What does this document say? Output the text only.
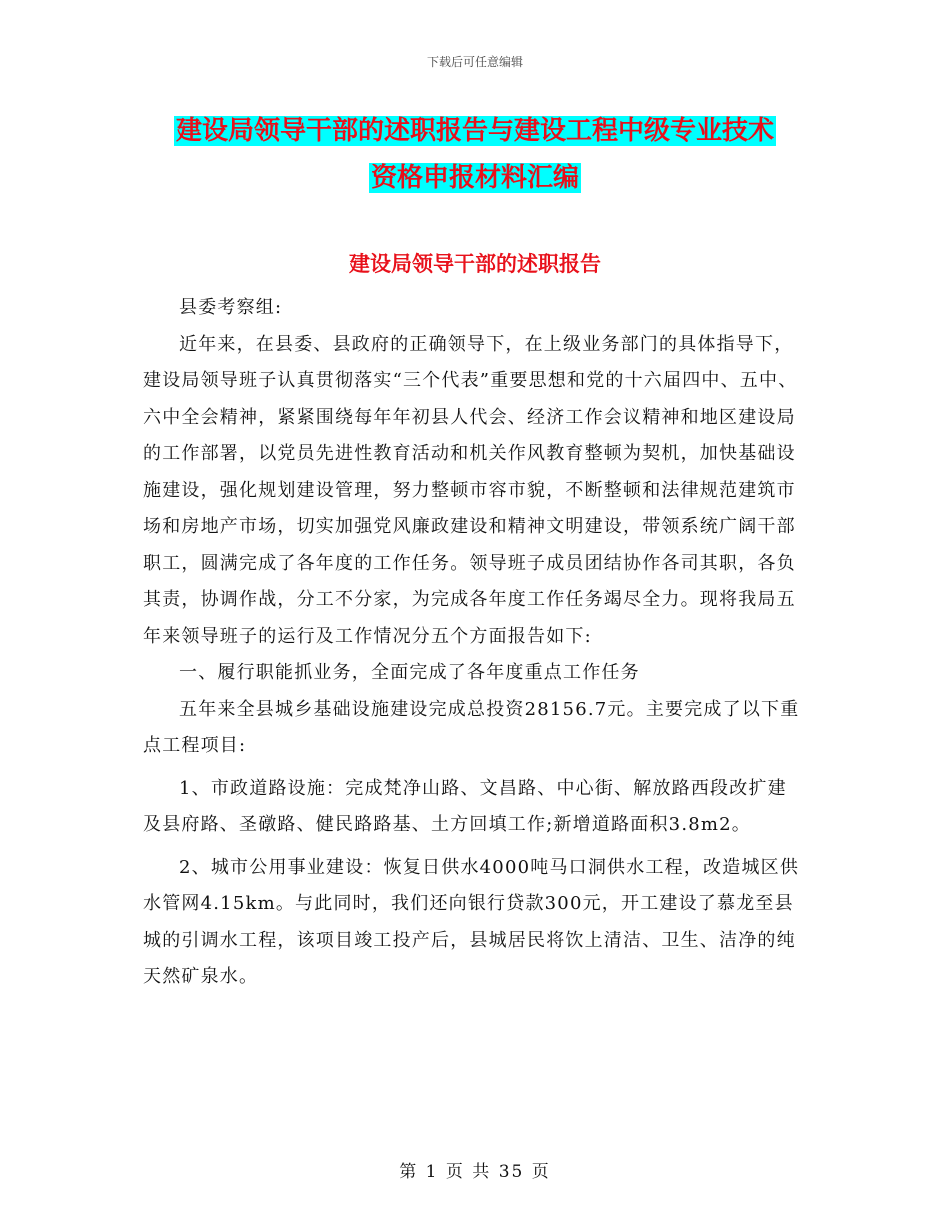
下载后可任意编辑
建设局领导干部的述职报告与建设工程中级专业技术
资格申报材料汇编
建设局领导干部的述职报告

县委考察组:

近年来，在县委、县政府的正确领导下，在上级业务部门的具体指导下，建设局领导班子认真贯彻落实“三个代表”重要思想和党的十六届四中、五中、六中全会精神，紧紧围绕每年年初县人代会、经济工作会议精神和地区建设局的工作部署，以党员先进性教育活动和机关作风教育整顿为契机，加快基础设施建设，强化规划建设管理，努力整顿市容市貌，不断整顿和法律规范建筑市场和房地产市场，切实加强党风廉政建设和精神文明建设，带领系统广阔干部职工，圆满完成了各年度的工作任务。领导班子成员团结协作各司其职，各负其责，协调作战，分工不分家，为完成各年度工作任务竭尽全力。现将我局五年来领导班子的运行及工作情况分五个方面报告如下:

一、履行职能抓业务，全面完成了各年度重点工作任务

五年来全县城乡基础设施建设完成总投资28156.7元。主要完成了以下重点工程项目:

1、市政道路设施：完成梵净山路、文昌路、中心街、解放路西段改扩建及县府路、圣礅路、健民路路基、土方回填工作;新增道路面积3.8m2。

2、城市公用事业建设：恢复日供水4000吨马口洞供水工程，改造城区供水管网4.15km。与此同时，我们还向银行贷款300元，开工建设了慕龙至县城的引调水工程，该项目竣工投产后，县城居民将饮上清洁、卫生、洁净的纯天然矿泉水。

第 1 页 共 35 页
